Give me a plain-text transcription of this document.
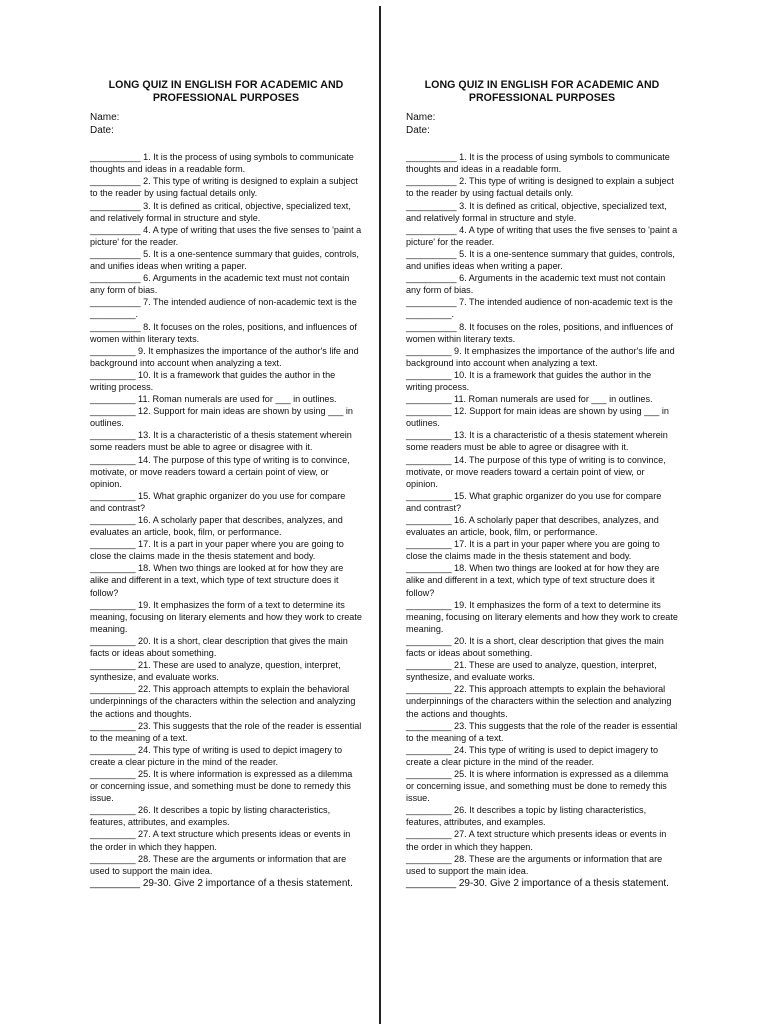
LONG QUIZ IN ENGLISH FOR ACADEMIC AND PROFESSIONAL PURPOSES

Name:

Date:

__________ 1. It is the process of using symbols to communicate thoughts and ideas in a readable form.

__________ 2. This type of writing is designed to explain a subject to the reader by using factual details only.

__________ 3. It is defined as critical, objective, specialized text, and relatively formal in structure and style.

__________ 4. A type of writing that uses the five senses to 'paint a picture' for the reader.

__________ 5. It is a one-sentence summary that guides, controls, and unifies ideas when writing a paper.

__________ 6. Arguments in the academic text must not contain any form of bias.

__________ 7. The intended audience of non-academic text is the _________.

__________ 8. It focuses on the roles, positions, and influences of women within literary texts.

_________ 9. It emphasizes the importance of the author's life and background into account when analyzing a text.

_________ 10. It is a framework that guides the author in the writing process.

_________ 11. Roman numerals are used for ___ in outlines.

_________ 12. Support for main ideas are shown by using ___ in outlines.

_________ 13. It is a characteristic of a thesis statement wherein some readers must be able to agree or disagree with it.

_________ 14. The purpose of this type of writing is to convince, motivate, or move readers toward a certain point of view, or opinion.

_________ 15. What graphic organizer do you use for compare and contrast?

_________ 16. A scholarly paper that describes, analyzes, and evaluates an article, book, film, or performance.

_________ 17. It is a part in your paper where you are going to close the claims made in the thesis statement and body.

_________ 18. When two things are looked at for how they are alike and different in a text, which type of text structure does it follow?

_________ 19. It emphasizes the form of a text to determine its meaning, focusing on literary elements and how they work to create meaning.

_________ 20. It is a short, clear description that gives the main facts or ideas about something.

_________ 21. These are used to analyze, question, interpret, synthesize, and evaluate works.

_________ 22. This approach attempts to explain the behavioral underpinnings of the characters within the selection and analyzing the actions and thoughts.

_________ 23. This suggests that the role of the reader is essential to the meaning of a text.

_________ 24. This type of writing is used to depict imagery to create a clear picture in the mind of the reader.

_________ 25. It is where information is expressed as a dilemma or concerning issue, and something must be done to remedy this issue.

_________ 26. It describes a topic by listing characteristics, features, attributes, and examples.

_________ 27. A text structure which presents ideas or events in the order in which they happen.

_________ 28. These are the arguments or information that are used to support the main idea.

_________ 29-30. Give 2 importance of a thesis statement.

LONG QUIZ IN ENGLISH FOR ACADEMIC AND PROFESSIONAL PURPOSES

Name:

Date:

__________ 1. It is the process of using symbols to communicate thoughts and ideas in a readable form.

__________ 2. This type of writing is designed to explain a subject to the reader by using factual details only.

__________ 3. It is defined as critical, objective, specialized text, and relatively formal in structure and style.

__________ 4. A type of writing that uses the five senses to 'paint a picture' for the reader.

__________ 5. It is a one-sentence summary that guides, controls, and unifies ideas when writing a paper.

__________ 6. Arguments in the academic text must not contain any form of bias.

__________ 7. The intended audience of non-academic text is the _________.

__________ 8. It focuses on the roles, positions, and influences of women within literary texts.

_________ 9. It emphasizes the importance of the author's life and background into account when analyzing a text.

_________ 10. It is a framework that guides the author in the writing process.

_________ 11. Roman numerals are used for ___ in outlines.

_________ 12. Support for main ideas are shown by using ___ in outlines.

_________ 13. It is a characteristic of a thesis statement wherein some readers must be able to agree or disagree with it.

_________ 14. The purpose of this type of writing is to convince, motivate, or move readers toward a certain point of view, or opinion.

_________ 15. What graphic organizer do you use for compare and contrast?

_________ 16. A scholarly paper that describes, analyzes, and evaluates an article, book, film, or performance.

_________ 17. It is a part in your paper where you are going to close the claims made in the thesis statement and body.

_________ 18. When two things are looked at for how they are alike and different in a text, which type of text structure does it follow?

_________ 19. It emphasizes the form of a text to determine its meaning, focusing on literary elements and how they work to create meaning.

_________ 20. It is a short, clear description that gives the main facts or ideas about something.

_________ 21. These are used to analyze, question, interpret, synthesize, and evaluate works.

_________ 22. This approach attempts to explain the behavioral underpinnings of the characters within the selection and analyzing the actions and thoughts.

_________ 23. This suggests that the role of the reader is essential to the meaning of a text.

_________ 24. This type of writing is used to depict imagery to create a clear picture in the mind of the reader.

_________ 25. It is where information is expressed as a dilemma or concerning issue, and something must be done to remedy this issue.

_________ 26. It describes a topic by listing characteristics, features, attributes, and examples.

_________ 27. A text structure which presents ideas or events in the order in which they happen.

_________ 28. These are the arguments or information that are used to support the main idea.

_________ 29-30. Give 2 importance of a thesis statement.
